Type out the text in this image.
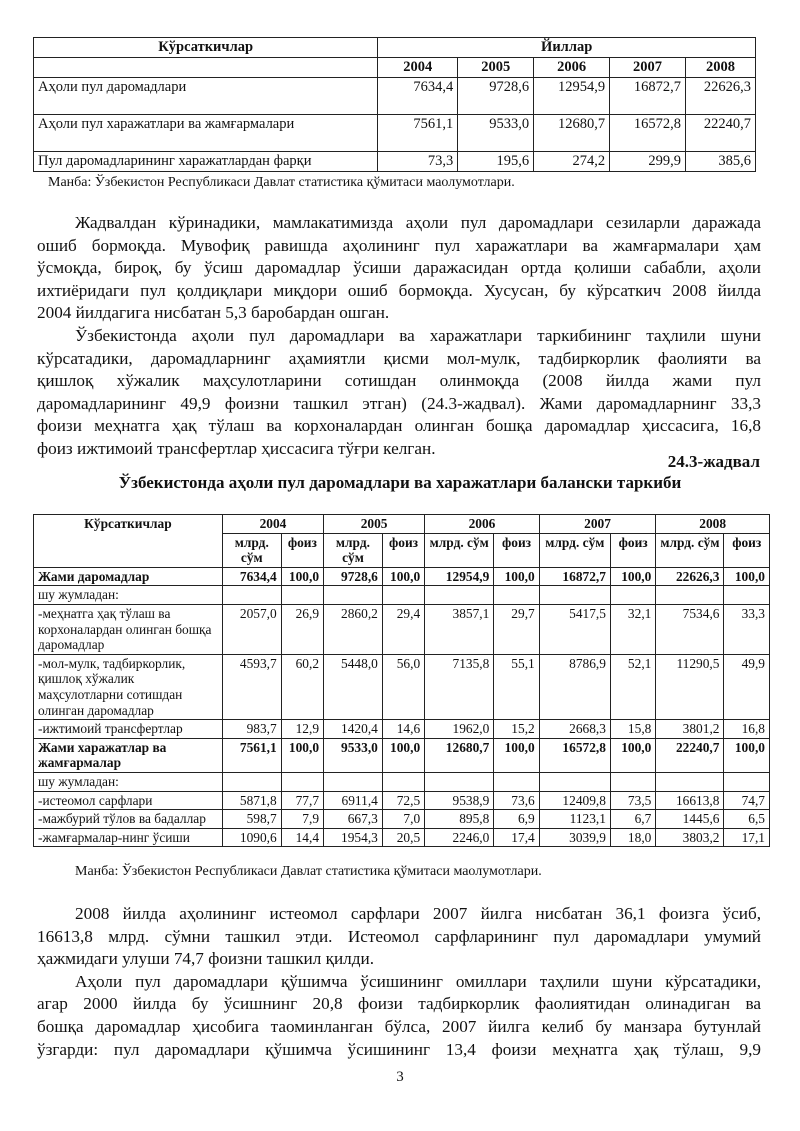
Кўрсаткичлар	Йиллар				
	2004	2005	2006	2007	2008
Аҳоли пул даромадлари	7634,4	9728,6	12954,9	16872,7	22626,3
Аҳоли пул харажатлари ва жамғармалари	7561,1	9533,0	12680,7	16572,8	22240,7
Пул даромадларининг харажатлардан фарқи	73,3	195,6	274,2	299,9	385,6
Манба: Ўзбекистон Республикаси Давлат статистика қўмитаси маолумотлари.

Жадвалдан кўринадики, мамлакатимизда аҳоли пул даромадлари сезиларли даражада
ошиб бормоқда. Мувофиқ равишда аҳолининг пул харажатлари ва жамғармалари ҳам
ўсмоқда, бироқ, бу ўсиш даромадлар ўсиши даражасидан ортда қолиши сабабли, аҳоли
ихтиёридаги пул қолдиқлари миқдори ошиб бормоқда. Хусусан, бу кўрсаткич 2008 йилда
2004 йилдагига нисбатан 5,3 баробардан ошган.

Ўзбекистонда аҳоли пул даромадлари ва харажатлари таркибининг таҳлили шуни
кўрсатадики, даромадларнинг аҳамиятли қисми мол-мулк, тадбиркорлик фаолияти ва
қишлоқ хўжалик маҳсулотларини сотишдан олинмоқда (2008 йилда жами пул
даромадларининг 49,9 фоизни ташкил этган) (24.3-жадвал). Жами даромадларнинг 33,3
фоизи меҳнатга ҳақ тўлаш ва корхоналардан олинган бошқа даромадлар ҳиссасига, 16,8
фоиз ижтимоий трансфертлар ҳиссасига тўғри келган.

24.3-жадвал
Ўзбекистонда аҳоли пул даромадлари ва харажатлари балански таркиби
Кўрсаткичлар	2004		2005		2006		2007		2008	
	млрд. сўм	фоиз	млрд. сўм	фоиз	млрд. сўм	фоиз	млрд. сўм	фоиз	млрд. сўм	фоиз
Жами даромадлар	7634,4	100,0	9728,6	100,0	12954,9	100,0	16872,7	100,0	22626,3	100,0
шу жумладан:										
-меҳнатга ҳақ тўлаш ва корхоналардан олинган бошқа даромадлар	2057,0	26,9	2860,2	29,4	3857,1	29,7	5417,5	32,1	7534,6	33,3
-мол-мулк, тадбиркорлик, қишлоқ хўжалик маҳсулотларни сотишдан олинган даромадлар	4593,7	60,2	5448,0	56,0	7135,8	55,1	8786,9	52,1	11290,5	49,9
-ижтимоий трансфертлар	983,7	12,9	1420,4	14,6	1962,0	15,2	2668,3	15,8	3801,2	16,8
Жами харажатлар ва жамғармалар	7561,1	100,0	9533,0	100,0	12680,7	100,0	16572,8	100,0	22240,7	100,0
шу жумладан:										
-истеомол сарфлари	5871,8	77,7	6911,4	72,5	9538,9	73,6	12409,8	73,5	16613,8	74,7
-мажбурий тўлов ва бадаллар	598,7	7,9	667,3	7,0	895,8	6,9	1123,1	6,7	1445,6	6,5
-жамғармалар-нинг ўсиши	1090,6	14,4	1954,3	20,5	2246,0	17,4	3039,9	18,0	3803,2	17,1
Манба: Ўзбекистон Республикаси Давлат статистика қўмитаси маолумотлари.

2008 йилда аҳолининг истеомол сарфлари 2007 йилга нисбатан 36,1 фоизга ўсиб,
16613,8 млрд. сўмни ташкил этди. Истеомол сарфларининг пул даромадлари умумий
ҳажмидаги улуши 74,7 фоизни ташкил қилди.

Аҳоли пул даромадлари қўшимча ўсишининг омиллари таҳлили шуни кўрсатадики,
агар 2000 йилда бу ўсишнинг 20,8 фоизи тадбиркорлик фаолиятидан олинадиган ва
бошқа даромадлар ҳисобига таоминланган бўлса, 2007 йилга келиб бу манзара бутунлай
ўзгарди: пул даромадлари қўшимча ўсишининг 13,4 фоизи меҳнатга ҳақ тўлаш, 9,9

3
